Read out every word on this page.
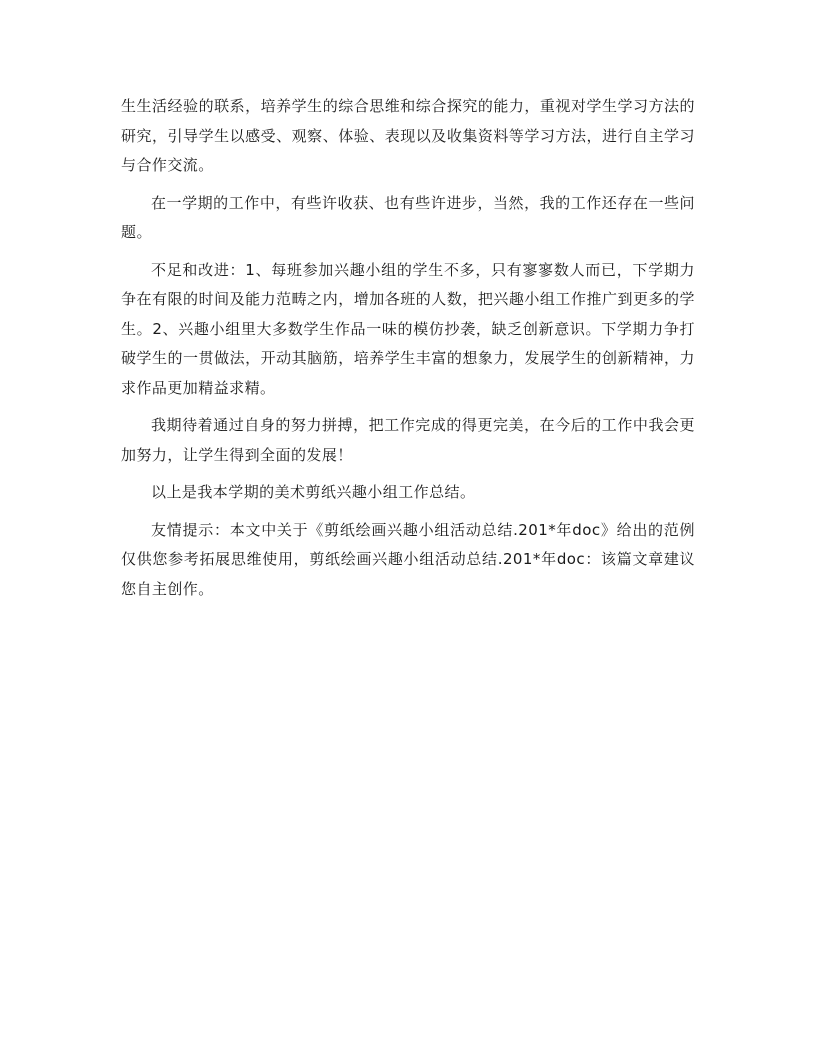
生生活经验的联系，培养学生的综合思维和综合探究的能力，重视对学生学习方法的研究，引导学生以感受、观察、体验、表现以及收集资料等学习方法，进行自主学习与合作交流。

在一学期的工作中，有些许收获、也有些许进步，当然，我的工作还存在一些问题。

不足和改进：1、每班参加兴趣小组的学生不多，只有寥寥数人而已，下学期力争在有限的时间及能力范畴之内，增加各班的人数，把兴趣小组工作推广到更多的学生。2、兴趣小组里大多数学生作品一味的模仿抄袭，缺乏创新意识。下学期力争打破学生的一贯做法，开动其脑筋，培养学生丰富的想象力，发展学生的创新精神，力求作品更加精益求精。

我期待着通过自身的努力拼搏，把工作完成的得更完美，在今后的工作中我会更加努力，让学生得到全面的发展！

以上是我本学期的美术剪纸兴趣小组工作总结。

友情提示：本文中关于《剪纸绘画兴趣小组活动总结.201*年doc》给出的范例仅供您参考拓展思维使用，剪纸绘画兴趣小组活动总结.201*年doc：该篇文章建议您自主创作。
